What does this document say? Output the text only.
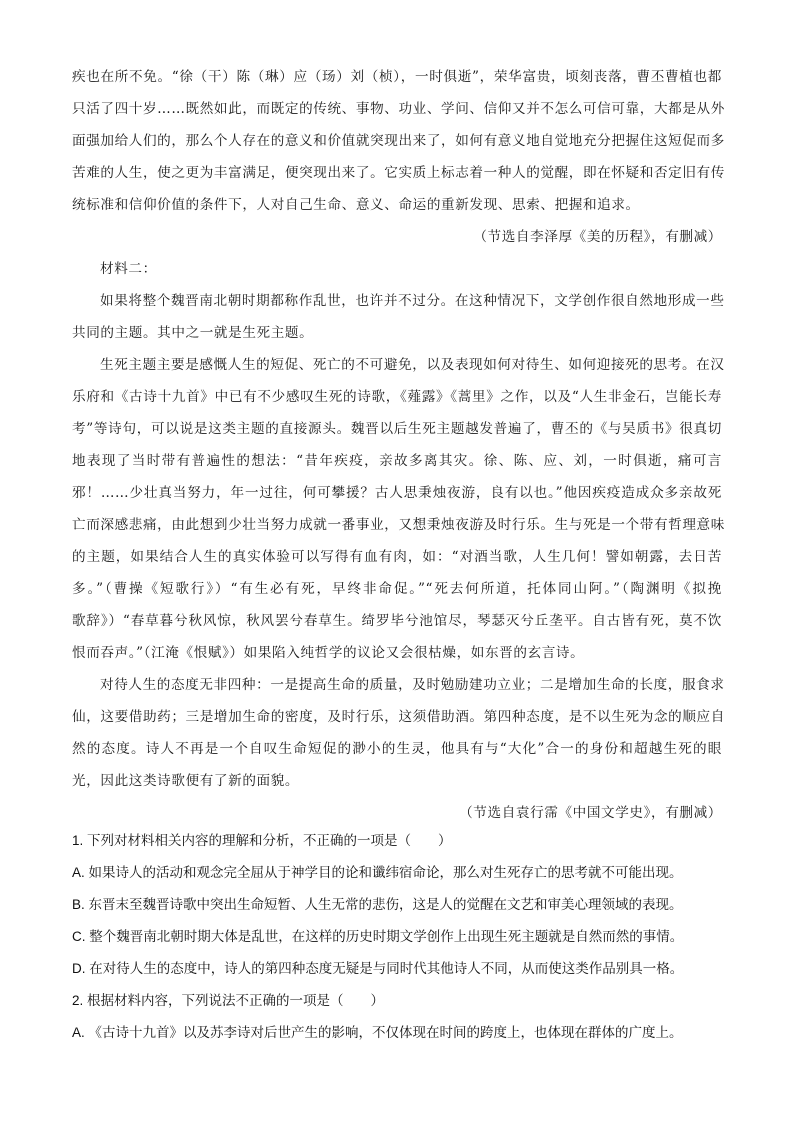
疾也在所不免。“徐（干）陈（琳）应（玚）刘（桢），一时俱逝”，荣华富贵，顷刻丧落，曹丕曹植也都
只活了四十岁……既然如此，而既定的传统、事物、功业、学问、信仰又并不怎么可信可靠，大都是从外
面强加给人们的，那么个人存在的意义和价值就突现出来了，如何有意义地自觉地充分把握住这短促而多
苦难的人生，使之更为丰富满足，便突现出来了。它实质上标志着一种人的觉醒，即在怀疑和否定旧有传
统标准和信仰价值的条件下，人对自己生命、意义、命运的重新发现、思索、把握和追求。
（节选自李泽厚《美的历程》，有删减）
材料二：
如果将整个魏晋南北朝时期都称作乱世，也许并不过分。在这种情况下，文学创作很自然地形成一些
共同的主题。其中之一就是生死主题。
生死主题主要是感慨人生的短促、死亡的不可避免，以及表现如何对待生、如何迎接死的思考。在汉
乐府和《古诗十九首》中已有不少感叹生死的诗歌，《薤露》《蒿里》之作，以及“人生非金石，岂能长寿
考”等诗句，可以说是这类主题的直接源头。魏晋以后生死主题越发普遍了，曹丕的《与吴质书》很真切
地表现了当时带有普遍性的想法：“昔年疾疫，亲故多离其灾。徐、陈、应、刘，一时俱逝，痛可言
邪！……少壮真当努力，年一过往，何可攀援？古人思秉烛夜游，良有以也。”他因疾疫造成众多亲故死
亡而深感悲痛，由此想到少壮当努力成就一番事业，又想秉烛夜游及时行乐。生与死是一个带有哲理意味
的主题，如果结合人生的真实体验可以写得有血有肉，如：“对酒当歌，人生几何！譬如朝露，去日苦
多。”（曹操《短歌行》）“有生必有死，早终非命促。”“死去何所道，托体同山阿。”（陶渊明《拟挽
歌辞》）“春草暮兮秋风惊，秋风罢兮春草生。绮罗毕兮池馆尽，琴瑟灭兮丘垄平。自古皆有死，莫不饮
恨而吞声。”（江淹《恨赋》）如果陷入纯哲学的议论又会很枯燥，如东晋的玄言诗。
对待人生的态度无非四种：一是提高生命的质量，及时勉励建功立业；二是增加生命的长度，服食求
仙，这要借助药；三是增加生命的密度，及时行乐，这须借助酒。第四种态度，是不以生死为念的顺应自
然的态度。诗人不再是一个自叹生命短促的渺小的生灵，他具有与“大化”合一的身份和超越生死的眼
光，因此这类诗歌便有了新的面貌。
（节选自袁行霈《中国文学史》，有删减）
1. 下列对材料相关内容的理解和分析，不正确的一项是（　　）
A. 如果诗人的活动和观念完全屈从于神学目的论和谶纬宿命论，那么对生死存亡的思考就不可能出现。
B. 东晋末至魏晋诗歌中突出生命短暂、人生无常的悲伤，这是人的觉醒在文艺和审美心理领域的表现。
C. 整个魏晋南北朝时期大体是乱世，在这样的历史时期文学创作上出现生死主题就是自然而然的事情。
D. 在对待人生的态度中，诗人的第四种态度无疑是与同时代其他诗人不同，从而使这类作品别具一格。
2. 根据材料内容，下列说法不正确的一项是（　　）
A. 《古诗十九首》以及苏李诗对后世产生的影响，不仅体现在时间的跨度上，也体现在群体的广度上。
